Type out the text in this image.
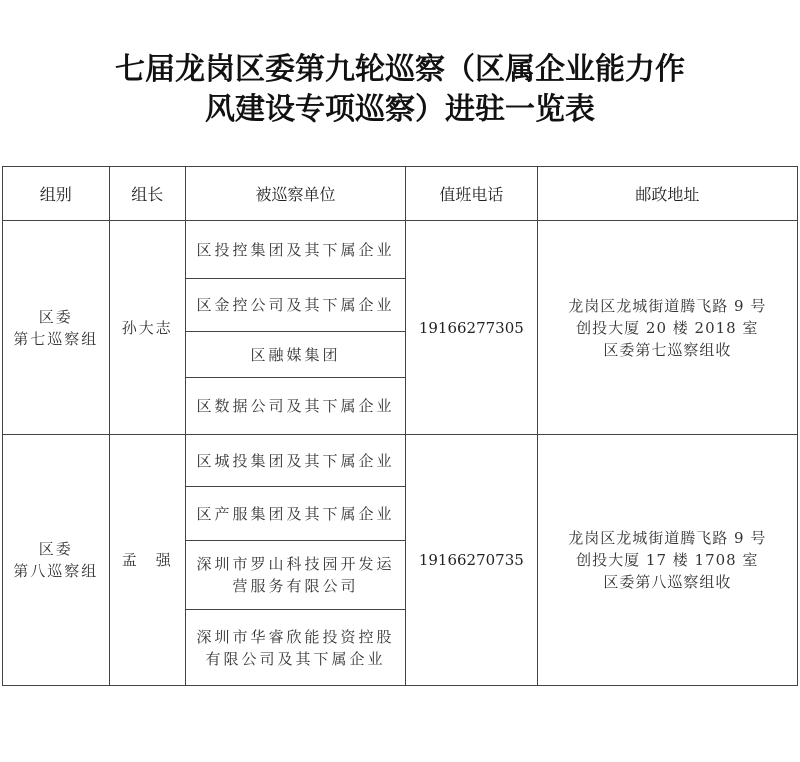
七届龙岗区委第九轮巡察（区属企业能力作
风建设专项巡察）进驻一览表
组别	组长	被巡察单位	值班电话	邮政地址

区委
第七巡察组	孙大志	区投控集团及其下属企业	19166277305	龙岗区龙城街道腾飞路 9 号
创投大厦 20 楼 2018 室
区委第七巡察组收

		区金控公司及其下属企业		
		区融媒集团		
		区数据公司及其下属企业		

区委
第八巡察组	孟　强	区城投集团及其下属企业	19166270735	龙岗区龙城街道腾飞路 9 号
创投大厦 17 楼 1708 室
区委第八巡察组收

		区产服集团及其下属企业		

		深圳市罗山科技园开发运
营服务有限公司		

		深圳市华睿欣能投资控股
有限公司及其下属企业		
